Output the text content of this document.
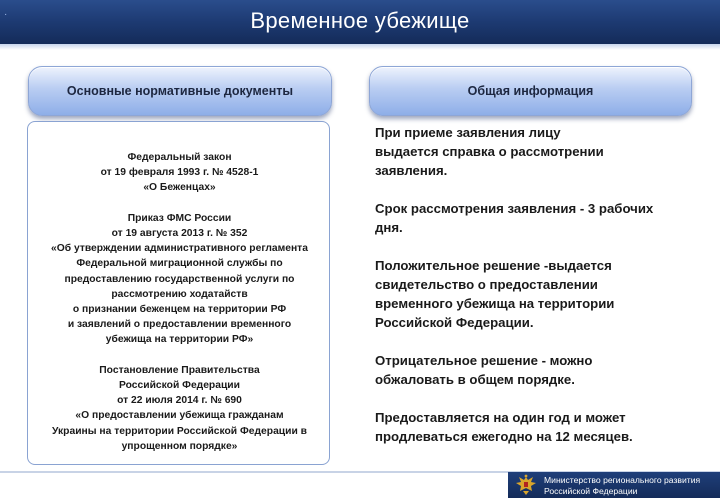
·	Временное убежище
Основные нормативные документы	Общая информация
Федеральный закон
от 19 февраля 1993 г. № 4528-1
«О Беженцах»
Приказ ФМС России
от 19 августа 2013 г. № 352
«Об утверждении административного регламента
Федеральной миграционной службы по
предоставлению государственной услуги по
рассмотрению ходатайств
о признании беженцем на территории РФ
и заявлений о предоставлении временного
убежища на территории РФ»
Постановление Правительства
Российской Федерации
от 22 июля 2014 г. № 690
«О предоставлении убежища гражданам
Украины на территории Российской Федерации в
упрощенном порядке»
При приеме заявления лицу
выдается справка о рассмотрении
заявления.
Срок рассмотрения заявления - 3 рабочих
дня.
Положительное решение -выдается
свидетельство о предоставлении
временного убежища на территории
Российской Федерации.
Отрицательное решение - можно
обжаловать в общем порядке.
Предоставляется на один год и может
продлеваться ежегодно на 12 месяцев.
Министерство регионального развития
Российской Федерации
